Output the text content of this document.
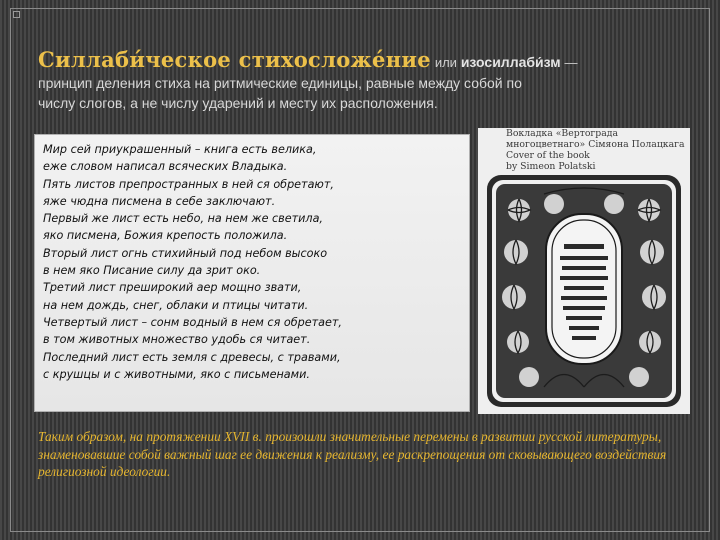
Силлаби́ческое стихосложе́ние или изосиллаби́зм —
принцип деления стиха на ритмические единицы, равные между собой по
числу слогов, а не числу ударений и месту их расположения.
Мир сей приукрашенный – книга есть велика,
еже словом написал всяческих Владыка.
Пять листов препространных в ней ся обретают,
яже чюдна писмена в себе заключают.
Первый же лист есть небо, на нем же светила,
яко писмена, Божия крепость положила.
Вторый лист огнь стихийный под небом высоко
в нем яко Писание силу да зрит око.
Третий лист преширокий аер мощно звати,
на нем дождь, снег, облаки и птицы читати.
Четвертый лист – сонм водный в нем ся обретает,
в том животных множество удобь ся читает.
Последний лист есть земля с древесы, с травами,
с крушцы и с животными, яко с письменами.
Вокладка «Вертограда
многоцветнаго» Сімяона Полацкага
Cover of the book
by Simeon Polatski
Таким образом, на протяжении XVII в. произошли значительные перемены в развитии русской литературы, знаменовавшие собой важный шаг ее движения к реализму, ее раскрепощения от сковывающего воздействия религиозной идеологии.
